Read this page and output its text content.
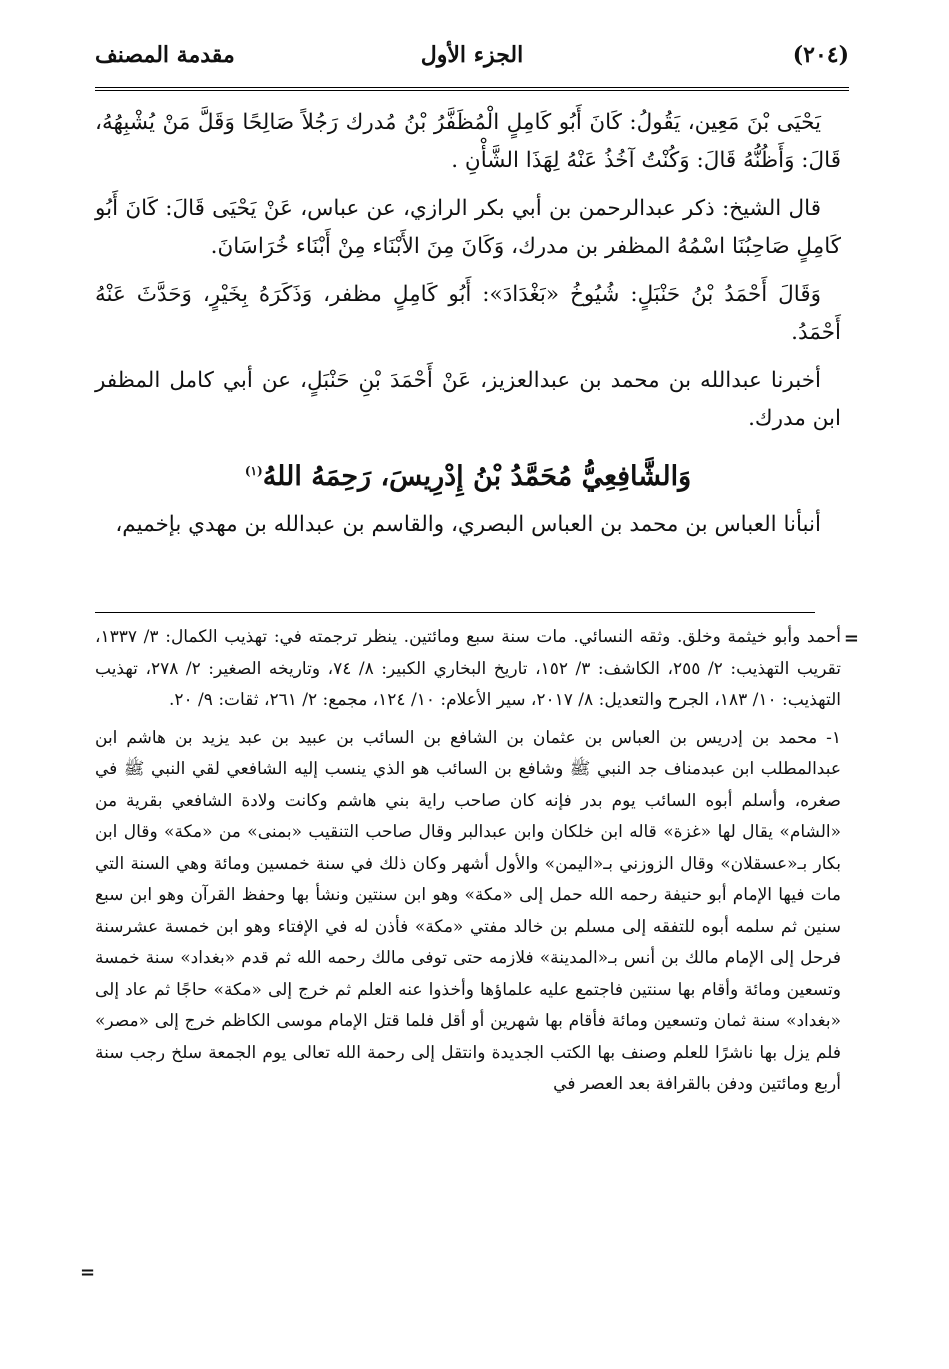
(٢٠٤)
الجزء الأول
مقدمة المصنف

يَحْيَى بْنَ مَعِين، يَقُولُ: كَانَ أَبُو كَامِلٍ الْمُظَفَّرُ بْنُ مُدرك رَجُلاً صَالِحًا وَقَلَّ مَنْ يُشْبِهُهُ، قَالَ: وَأَظُنُّهُ قَالَ: وَكُنْتُ آخُذُ عَنْهُ لِهَذَا الشَّأْنِ .

قال الشيخ: ذكر عبدالرحمن بن أبي بكر الرازي، عن عباس، عَنْ يَحْيَى قَالَ: كَانَ أَبُو كَامِلٍ صَاحِبُنَا اسْمُهُ المظفر بن مدرك، وَكَانَ مِنَ الأَبْنَاء مِنْ أَبْنَاء خُرَاسَانَ.

وَقَالَ أَحْمَدُ بْنُ حَنْبَلٍ: شُيُوخُ «بَغْدَادَ»: أَبُو كَامِلٍ مظفر، وَذَكَرَهُ بِخَيْرٍ، وَحَدَّثَ عَنْهُ أَحْمَدُ.

أخبرنا عبدالله بن محمد بن عبدالعزيز، عَنْ أَحْمَدَ بْنِ حَنْبَلٍ، عن أبي كامل المظفر ابن مدرك.

وَالشَّافِعِيُّ مُحَمَّدُ بْنُ إِدْرِيسَ، رَحِمَهُ اللهُ$^{(١)}$

أنبأنا العباس بن محمد بن العباس البصري، والقاسم بن عبدالله بن مهدي بإخميم،

أحمد وأبو خيثمة وخلق. وثقه النسائي. مات سنة سبع ومائتين. ينظر ترجمته في: تهذيب الكمال: ٣/ ١٣٣٧، تقريب التهذيب: ٢/ ٢٥٥، الكاشف: ٣/ ١٥٢، تاريخ البخاري الكبير: ٨/ ٧٤، وتاريخه الصغير: ٢/ ٢٧٨، تهذيب التهذيب: ١٠/ ١٨٣، الجرح والتعديل: ٨/ ٢٠١٧، سير الأعلام: ١٠/ ١٢٤، مجمع: ٢/ ٢٦١، ثقات: ٩/ ٢٠.

١- محمد بن إدريس بن العباس بن عثمان بن الشافع بن السائب بن عبيد بن عبد يزيد بن هاشم ابن عبدالمطلب ابن عبدمناف جد النبي ﷺ وشافع بن السائب هو الذي ينسب إليه الشافعي لقي النبي ﷺ في صغره، وأسلم أبوه السائب يوم بدر فإنه كان صاحب راية بني هاشم وكانت ولادة الشافعي بقرية من «الشام» يقال لها «غزة» قاله ابن خلكان وابن عبدالبر وقال صاحب التنقيب «بمنى» من «مكة» وقال ابن بكار بـ«عسقلان» وقال الزوزني بـ«اليمن» والأول أشهر وكان ذلك في سنة خمسين ومائة وهي السنة التي مات فيها الإمام أبو حنيفة رحمه الله حمل إلى «مكة» وهو ابن سنتين ونشأ بها وحفظ القرآن وهو ابن سبع سنين ثم سلمه أبوه للتفقه إلى مسلم بن خالد مفتي «مكة» فأذن له في الإفتاء وهو ابن خمسة عشرسنة فرحل إلى الإمام مالك بن أنس بـ«المدينة» فلازمه حتى توفى مالك رحمه الله ثم قدم «بغداد» سنة خمسة وتسعين ومائة وأقام بها سنتين فاجتمع عليه علماؤها وأخذوا عنه العلم ثم خرج إلى «مكة» حاجًا ثم عاد إلى «بغداد» سنة ثمان وتسعين ومائة فأقام بها شهرين أو أقل فلما قتل الإمام موسى الكاظم خرج إلى «مصر» فلم يزل بها ناشرًا للعلم وصنف بها الكتب الجديدة وانتقل إلى رحمة الله تعالى يوم الجمعة سلخ رجب سنة أربع ومائتين ودفن بالقرافة بعد العصر في

=
=
